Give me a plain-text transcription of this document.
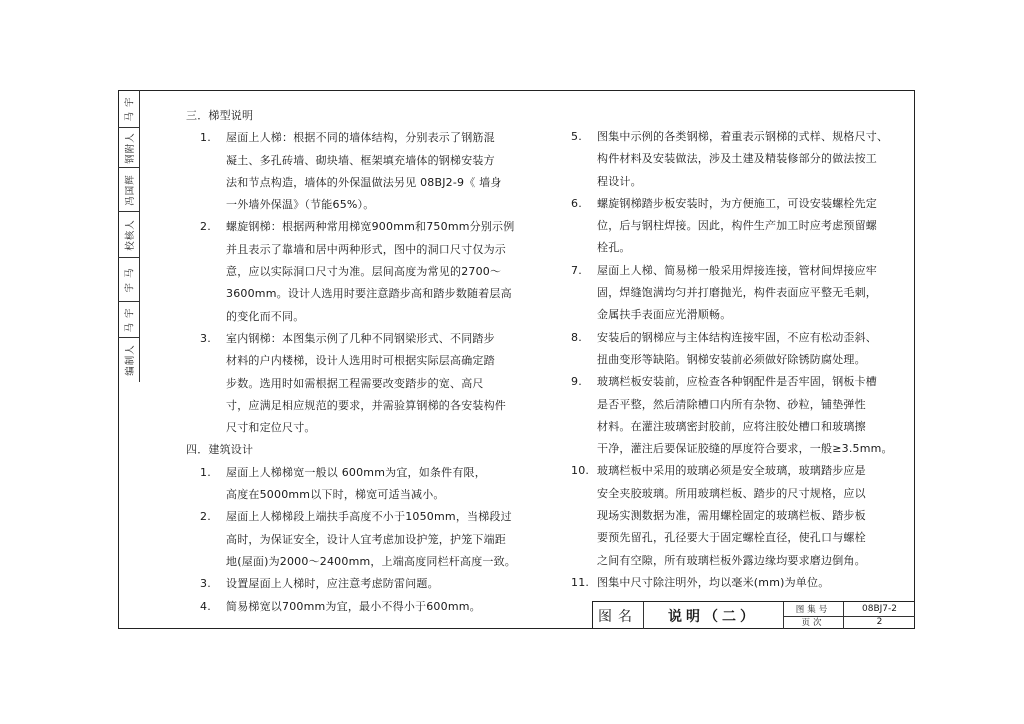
马 宇
钢附人
冯国辉
校核人
宇 马
马 宇
编制人
三．梯型说明
1. 屋面上人梯：根据不同的墙体结构，分别表示了钢筋混
凝土、多孔砖墙、砌块墙、框架填充墙体的钢梯安装方
法和节点构造，墙体的外保温做法另见 08BJ2-9《 墙身
一外墙外保温》（节能65%）。
2. 螺旋钢梯：根据两种常用梯宽900mm和750mm分别示例
并且表示了靠墙和居中两种形式，图中的洞口尺寸仅为示
意，应以实际洞口尺寸为准。层间高度为常见的2700～
3600mm。设计人选用时要注意踏步高和踏步数随着层高
的变化而不同。
3. 室内钢梯：本图集示例了几种不同钢梁形式、不同踏步
材料的户内楼梯，设计人选用时可根据实际层高确定踏
步数。选用时如需根据工程需要改变踏步的宽、高尺
寸，应满足相应规范的要求，并需验算钢梯的各安装构件
尺寸和定位尺寸。
四．建筑设计
1. 屋面上人梯梯宽一般以 600mm为宜，如条件有限，
高度在5000mm以下时，梯宽可适当减小。
2. 屋面上人梯梯段上端扶手高度不小于1050mm，当梯段过
高时，为保证安全，设计人宜考虑加设护笼，护笼下端距
地(屋面)为2000～2400mm，上端高度同栏杆高度一致。
3. 设置屋面上人梯时，应注意考虑防雷问题。
4. 简易梯宽以700mm为宜，最小不得小于600mm。
5. 图集中示例的各类钢梯，着重表示钢梯的式样、规格尺寸、
构件材料及安装做法，涉及土建及精装修部分的做法按工
程设计。
6. 螺旋钢梯踏步板安装时，为方便施工，可设安装螺栓先定
位，后与钢柱焊接。因此，构件生产加工时应考虑预留螺
栓孔。
7. 屋面上人梯、简易梯一般采用焊接连接，管材间焊接应牢
固，焊缝饱满均匀并打磨抛光，构件表面应平整无毛刺，
金属扶手表面应光滑顺畅。
8. 安装后的钢梯应与主体结构连接牢固，不应有松动歪斜、
扭曲变形等缺陷。钢梯安装前必须做好除锈防腐处理。
9. 玻璃栏板安装前，应检查各种钢配件是否牢固，钢板卡槽
是否平整，然后清除槽口内所有杂物、砂粒，铺垫弹性
材料。在灌注玻璃密封胶前，应将注胶处槽口和玻璃擦
干净，灌注后要保证胶缝的厚度符合要求，一般≥3.5mm。
10. 玻璃栏板中采用的玻璃必须是安全玻璃，玻璃踏步应是
安全夹胶玻璃。所用玻璃栏板、踏步的尺寸规格，应以
现场实测数据为准，需用螺栓固定的玻璃栏板、踏步板
要预先留孔，孔径要大于固定螺栓直径，使孔口与螺栓
之间有空隙，所有玻璃栏板外露边缘均要求磨边倒角。
11. 图集中尺寸除注明外，均以毫米(mm)为单位。
图名	说明（二）	图集号	08BJ7-2
页次	2
